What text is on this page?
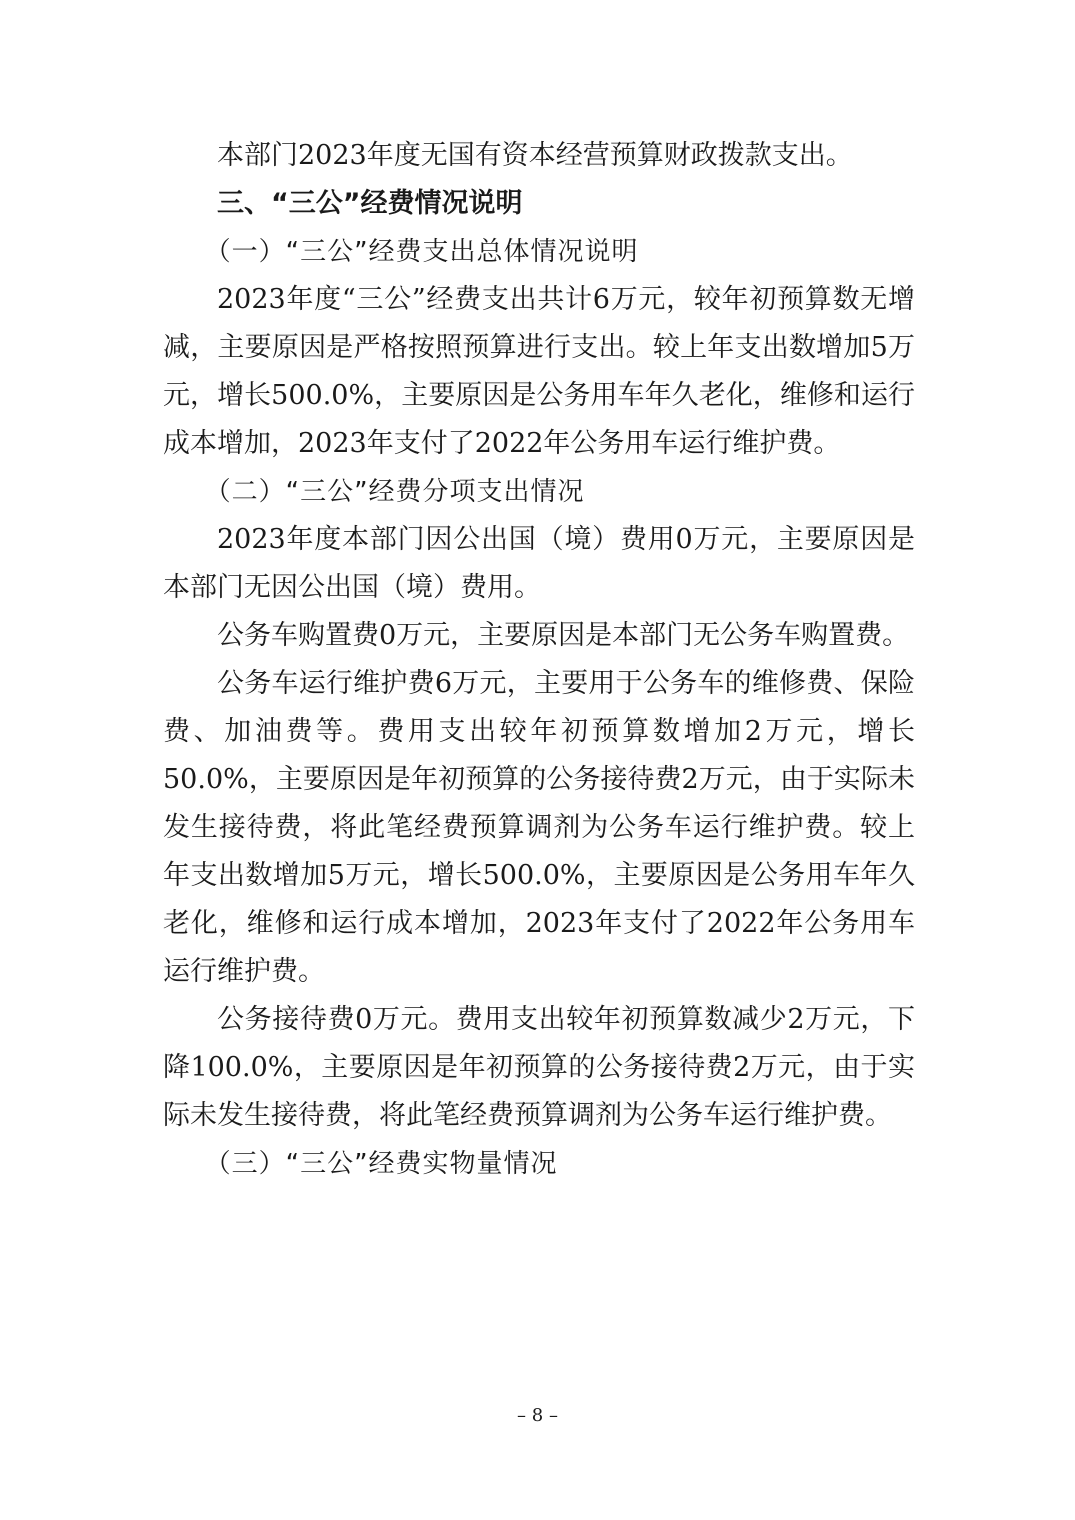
本部门2023年度无国有资本经营预算财政拨款支出。

三、“三公”经费情况说明

（一）“三公”经费支出总体情况说明

2023年度“三公”经费支出共计6万元，较年初预算数无增减，主要原因是严格按照预算进行支出。较上年支出数增加5万元，增长500.0%，主要原因是公务用车年久老化，维修和运行成本增加，2023年支付了2022年公务用车运行维护费。

（二）“三公”经费分项支出情况

2023年度本部门因公出国（境）费用0万元，主要原因是本部门无因公出国（境）费用。

公务车购置费0万元，主要原因是本部门无公务车购置费。

公务车运行维护费6万元，主要用于公务车的维修费、保险费、加油费等。费用支出较年初预算数增加2万元，增长50.0%，主要原因是年初预算的公务接待费2万元，由于实际未发生接待费，将此笔经费预算调剂为公务车运行维护费。较上年支出数增加5万元，增长500.0%，主要原因是公务用车年久老化，维修和运行成本增加，2023年支付了2022年公务用车运行维护费。

公务接待费0万元。费用支出较年初预算数减少2万元，下降100.0%，主要原因是年初预算的公务接待费2万元，由于实际未发生接待费，将此笔经费预算调剂为公务车运行维护费。

（三）“三公”经费实物量情况

– 8 –
